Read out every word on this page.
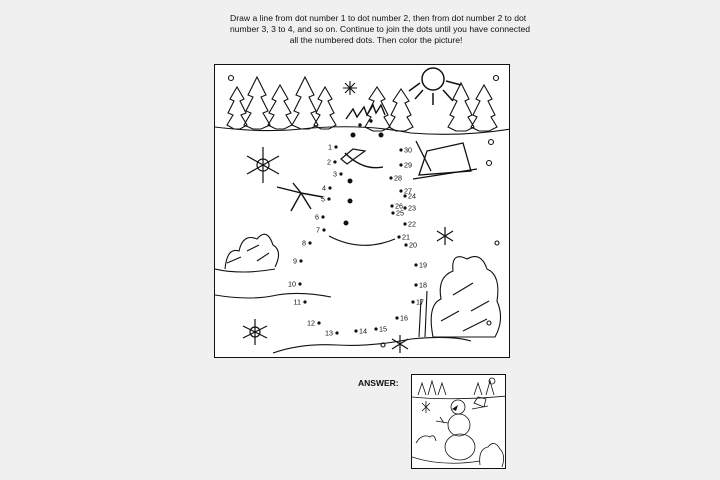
Draw a line from dot number 1 to dot number 2, then from dot number 2 to dot
number 3, 3 to 4, and so on. Continue to join the dots until you have connected
all the numbered dots. Then color the picture!
1
2
3
4
5
6
7
8
9
10
11
12
13	14 15
16
17
18
19
20
21
22
23
24
25
26
27
28
29
30
ANSWER:
